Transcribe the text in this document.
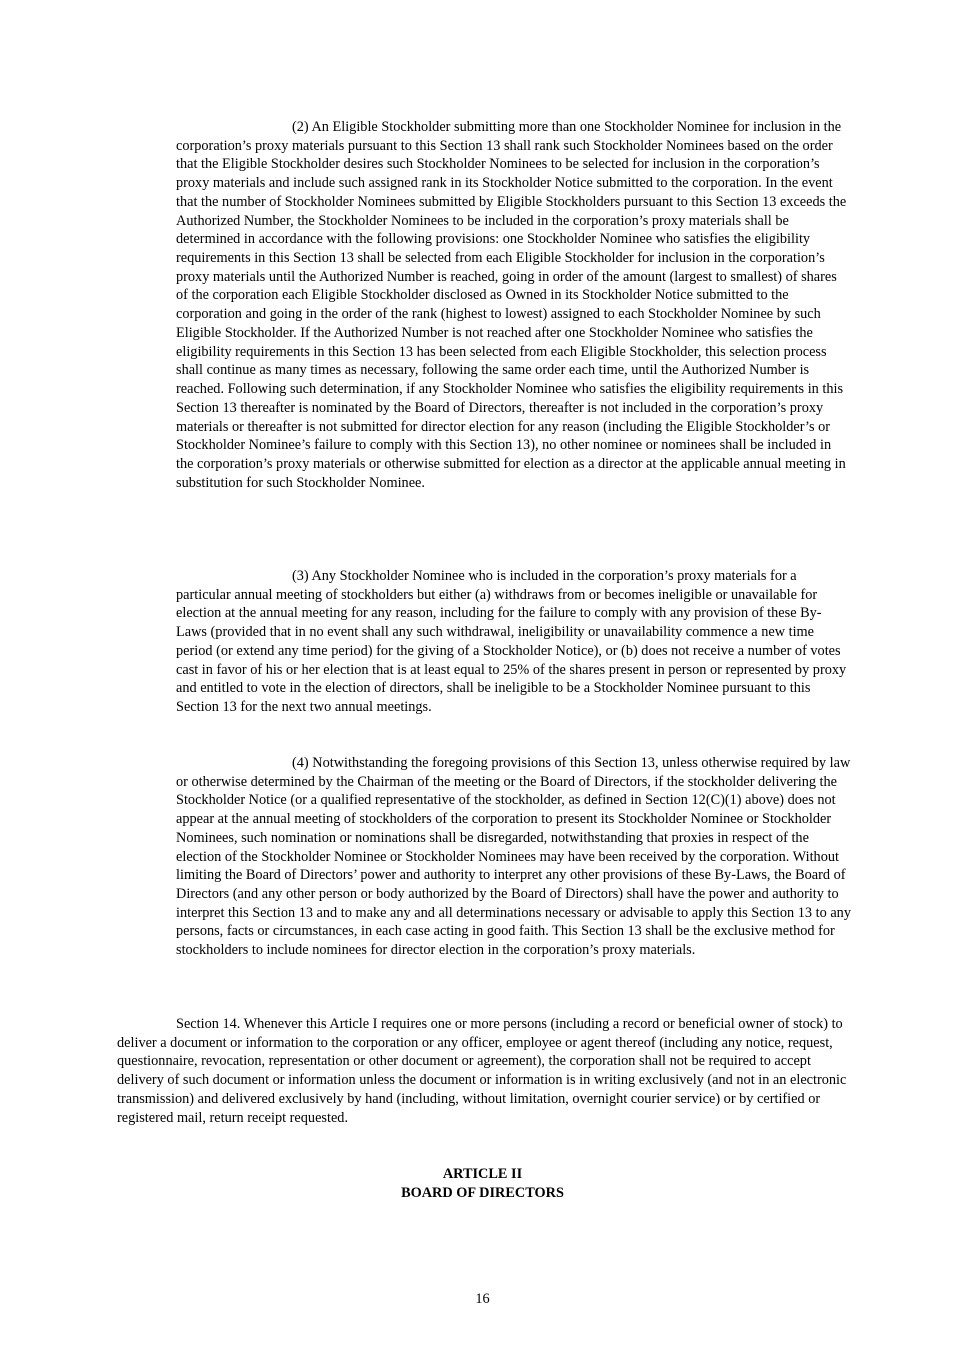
(2) An Eligible Stockholder submitting more than one Stockholder Nominee for inclusion in the corporation’s proxy materials pursuant to this Section 13 shall rank such Stockholder Nominees based on the order that the Eligible Stockholder desires such Stockholder Nominees to be selected for inclusion in the corporation’s proxy materials and include such assigned rank in its Stockholder Notice submitted to the corporation. In the event that the number of Stockholder Nominees submitted by Eligible Stockholders pursuant to this Section 13 exceeds the Authorized Number, the Stockholder Nominees to be included in the corporation’s proxy materials shall be determined in accordance with the following provisions: one Stockholder Nominee who satisfies the eligibility requirements in this Section 13 shall be selected from each Eligible Stockholder for inclusion in the corporation’s proxy materials until the Authorized Number is reached, going in order of the amount (largest to smallest) of shares of the corporation each Eligible Stockholder disclosed as Owned in its Stockholder Notice submitted to the corporation and going in the order of the rank (highest to lowest) assigned to each Stockholder Nominee by such Eligible Stockholder. If the Authorized Number is not reached after one Stockholder Nominee who satisfies the eligibility requirements in this Section 13 has been selected from each Eligible Stockholder, this selection process shall continue as many times as necessary, following the same order each time, until the Authorized Number is reached. Following such determination, if any Stockholder Nominee who satisfies the eligibility requirements in this Section 13 thereafter is nominated by the Board of Directors, thereafter is not included in the corporation’s proxy materials or thereafter is not submitted for director election for any reason (including the Eligible Stockholder’s or Stockholder Nominee’s failure to comply with this Section 13), no other nominee or nominees shall be included in the corporation’s proxy materials or otherwise submitted for election as a director at the applicable annual meeting in substitution for such Stockholder Nominee.

(3) Any Stockholder Nominee who is included in the corporation’s proxy materials for a particular annual meeting of stockholders but either (a) withdraws from or becomes ineligible or unavailable for election at the annual meeting for any reason, including for the failure to comply with any provision of these By-Laws (provided that in no event shall any such withdrawal, ineligibility or unavailability commence a new time period (or extend any time period) for the giving of a Stockholder Notice), or (b) does not receive a number of votes cast in favor of his or her election that is at least equal to 25% of the shares present in person or represented by proxy and entitled to vote in the election of directors, shall be ineligible to be a Stockholder Nominee pursuant to this Section 13 for the next two annual meetings.

(4) Notwithstanding the foregoing provisions of this Section 13, unless otherwise required by law or otherwise determined by the Chairman of the meeting or the Board of Directors, if the stockholder delivering the Stockholder Notice (or a qualified representative of the stockholder, as defined in Section 12(C)(1) above) does not appear at the annual meeting of stockholders of the corporation to present its Stockholder Nominee or Stockholder Nominees, such nomination or nominations shall be disregarded, notwithstanding that proxies in respect of the election of the Stockholder Nominee or Stockholder Nominees may have been received by the corporation. Without limiting the Board of Directors’ power and authority to interpret any other provisions of these By-Laws, the Board of Directors (and any other person or body authorized by the Board of Directors) shall have the power and authority to interpret this Section 13 and to make any and all determinations necessary or advisable to apply this Section 13 to any persons, facts or circumstances, in each case acting in good faith. This Section 13 shall be the exclusive method for stockholders to include nominees for director election in the corporation’s proxy materials.

Section 14. Whenever this Article I requires one or more persons (including a record or beneficial owner of stock) to deliver a document or information to the corporation or any officer, employee or agent thereof (including any notice, request, questionnaire, revocation, representation or other document or agreement), the corporation shall not be required to accept delivery of such document or information unless the document or information is in writing exclusively (and not in an electronic transmission) and delivered exclusively by hand (including, without limitation, overnight courier service) or by certified or registered mail, return receipt requested.

ARTICLE II
BOARD OF DIRECTORS
16
